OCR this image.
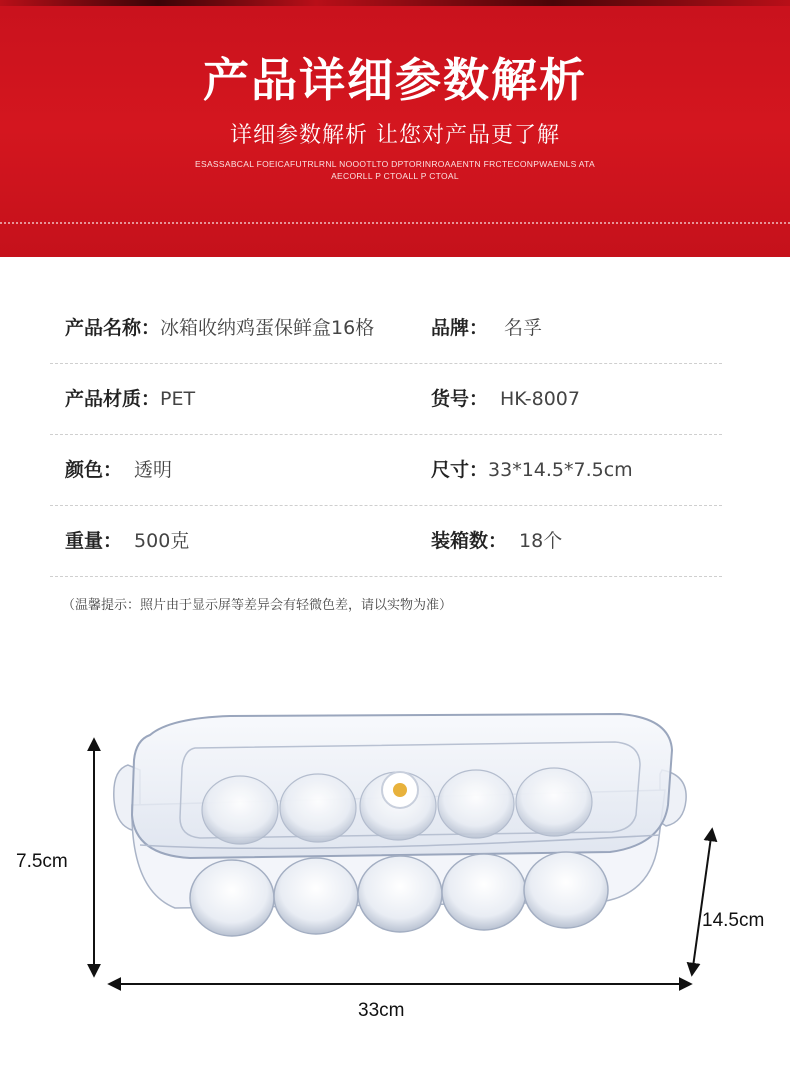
产品详细参数解析
详细参数解析 让您对产品更了解
ESASSABCAL FOEICAFUTRLRNL NOOOTLTO DPTORINROAAENTN FRCTECONPWAENLS ATA
AECORLL P CTOALL P CTOAL
产品名称：冰箱收纳鸡蛋保鲜盒16格	品牌： 名孚
产品材质：PET	货号： HK-8007
颜色： 透明	尺寸：33*14.5*7.5cm
重量： 500克	装箱数： 18个
（温馨提示：照片由于显示屏等差异会有轻微色差，请以实物为准）
7.5cm
14.5cm
33cm
